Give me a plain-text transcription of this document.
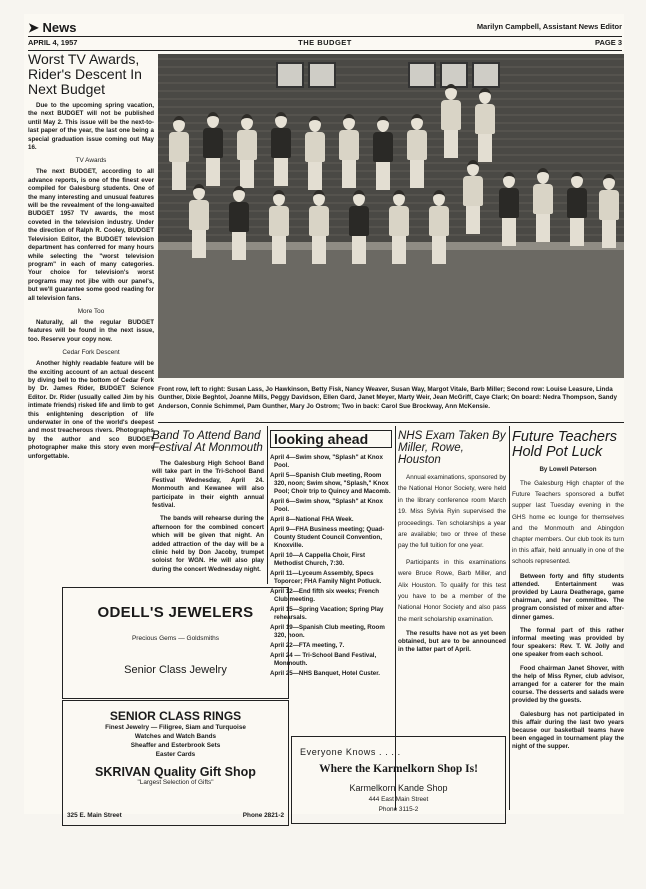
➤ News	Marilyn Campbell, Assistant News Editor
APRIL 4, 1957	THE BUDGET	PAGE 3
Worst TV Awards, Rider's Descent In Next Budget
Due to the upcoming spring vacation, the next BUDGET will not be published until May 2. This issue will be the next-to-last paper of the year, the last one being a special graduation issue coming out May 16.
TV Awards
The next BUDGET, according to all advance reports, is one of the finest ever compiled for Galesburg students. One of the many interesting and unusual features will be the revealment of the long-awaited BUDGET 1957 TV awards, the most coveted in the television industry. Under the direction of Ralph R. Cooley, BUDGET Television Editor, the BUDGET television department has conferred for many hours while selecting the "worst television program" in each of many categories. Your choice for television's worst programs may not jibe with our panel's, but we'll guarantee some good reading for all television fans.
More Too
Naturally, all the regular BUDGET features will be found in the next issue, too. Reserve your copy now.
Cedar Fork Descent
Another highly readable feature will be the exciting account of an actual descent by diving bell to the bottom of Cedar Fork by Dr. James Rider, BUDGET Science Editor. Dr. Rider (usually called Jim by his intimate friends) risked life and limb to get this enlightening description of life underwater in one of the world's deepest and most treacherous rivers. Photographs by the author and sco BUDGET photographer make this story even more unforgettable.
Front row, left to right: Susan Lass, Jo Hawkinson, Betty Fisk, Nancy Weaver, Susan Way, Margot Vitale, Barb Miller; Second row: Louise Leasure, Linda Gunther, Dixie Beghtol, Joanne Mills, Peggy Davidson, Ellen Gard, Janet Meyer, Marty Weir, Jean McGriff, Caye Clark; On board: Nedra Thompson, Sandy Anderson, Connie Schimmel, Pam Gunther, Mary Jo Ostrom; Two in back: Carol Sue Brockway, Ann McKensie.
Band To Attend Band Festival At Monmouth
The Galesburg High School Band will take part in the Tri-School Band Festival Wednesday, April 24. Monmouth and Kewanee will also participate in their eighth annual festival.
The bands will rehearse during the afternoon for the combined concert which will be given that night. An added attraction of the day will be a clinic held by Don Jacoby, trumpet soloist for WGN. He will also play during the concert Wednesday night.
looking ahead
April 4—Swim show, "Splash" at Knox Pool.
April 5—Spanish Club meeting, Room 320, noon; Swim show, "Splash," Knox Pool; Choir trip to Quincy and Macomb.
April 6—Swim show, "Splash" at Knox Pool.
April 8—National FHA Week.
April 9—FHA Business meeting; Quad-County Student Council Convention, Knoxville.
April 10—A Cappella Choir, First Methodist Church, 7:30.
April 11—Lyceum Assembly, Specs Toporcer; FHA Family Night Potluck.
April 12—End fifth six weeks; French Club meeting.
April 15—Spring Vacation; Spring Play rehearsals.
April 19—Spanish Club meeting, Room 320, noon.
April 22—FTA meeting, 7.
April 24 — Tri-School Band Festival, Monmouth.
April 25—NHS Banquet, Hotel Custer.
NHS Exam Taken By Miller, Rowe, Houston
Annual examinations, sponsored by the National Honor Society, were held in the library conference room March 19. Miss Sylvia Ryin supervised the proceedings. Ten scholarships a year are available; two or three of these pay the full tuition for one year.
Participants in this examinations were Bruce Rowe, Barb Miller, and Alix Houston. To qualify for this test you have to be a member of the National Honor Society and also pass the merit scholarship examination.
The results have not as yet been obtained, but are to be announced in the latter part of April.
Future Teachers Hold Pot Luck
By Lowell Peterson
The Galesburg High chapter of the Future Teachers sponsored a buffet supper last Tuesday evening in the GHS home ec lounge for themselves and the Monmouth and Abingdon chapter members. Our club took its turn in this affair, held annually in one of the schools represented.
Between forty and fifty students attended. Entertainment was provided by Laura Deatherage, game chairman, and her committee. The program consisted of mixer and after-dinner games.
The formal part of this rather informal meeting was provided by four speakers: Rev. T. W. Jolly and one speaker from each school.
Food chairman Janet Shover, with the help of Miss Ryner, club advisor, arranged for a caterer for the main course. The desserts and salads were provided by the guests.
Galesburg has not participated in this affair during the last two years because our basketball teams have been engaged in tournament play the night of the supper.
ODELL'S JEWELERS
Precious Gems — Goldsmiths
Senior Class Jewelry
SENIOR CLASS RINGS
Finest Jewelry — Filigree, Siam and Turquoise
Watches and Watch Bands
Sheaffer and Esterbrook Sets
Easter Cards
SKRIVAN Quality Gift Shop
"Largest Selection of Gifts"
325 E. Main Street	Phone 2821-2
Everyone Knows . . . .
Where the Karmelkorn Shop Is!
Karmelkorn Kande Shop
444 East Main Street
Phone 3115-2
